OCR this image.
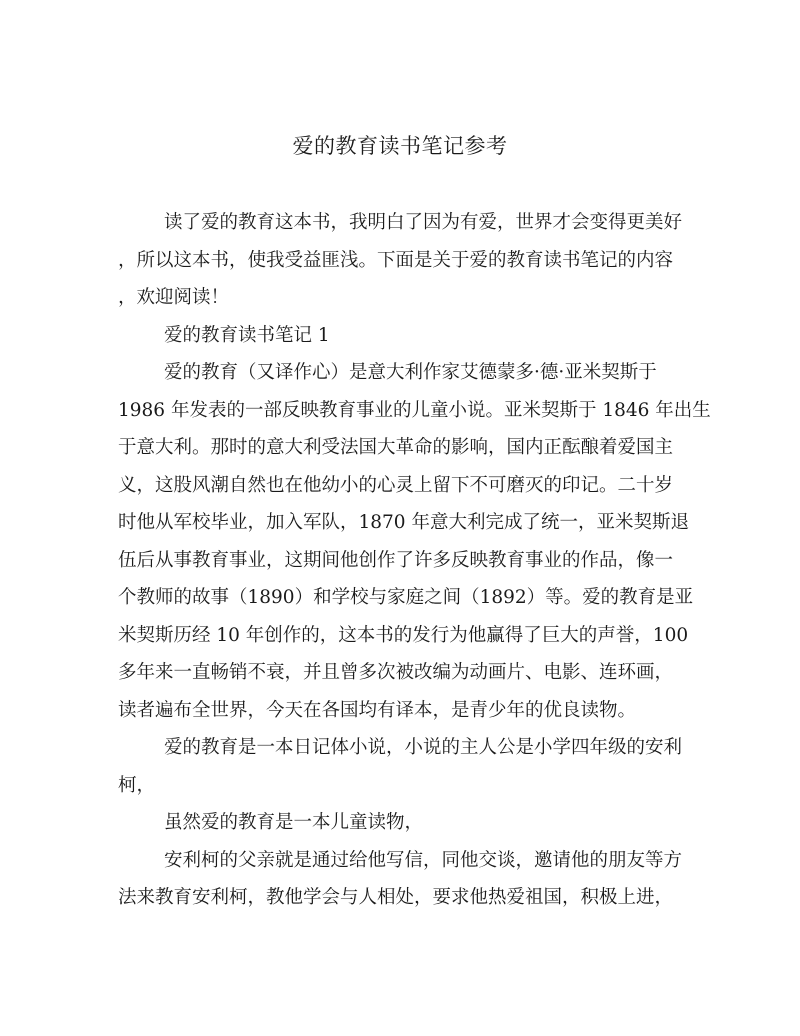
爱的教育读书笔记参考
读了爱的教育这本书，我明白了因为有爱，世界才会变得更美好
，所以这本书，使我受益匪浅。下面是关于爱的教育读书笔记的内容
，欢迎阅读！
爱的教育读书笔记 1
爱的教育（又译作心）是意大利作家艾德蒙多·德·亚米契斯于
1986 年发表的一部反映教育事业的儿童小说。亚米契斯于 1846 年出生
于意大利。那时的意大利受法国大革命的影响，国内正酝酿着爱国主
义，这股风潮自然也在他幼小的心灵上留下不可磨灭的印记。二十岁
时他从军校毕业，加入军队，1870 年意大利完成了统一，亚米契斯退
伍后从事教育事业，这期间他创作了许多反映教育事业的作品，像一
个教师的故事（1890）和学校与家庭之间（1892）等。爱的教育是亚
米契斯历经 10 年创作的，这本书的发行为他赢得了巨大的声誉，100
多年来一直畅销不衰，并且曾多次被改编为动画片、电影、连环画，
读者遍布全世界，今天在各国均有译本，是青少年的优良读物。
爱的教育是一本日记体小说，小说的主人公是小学四年级的安利
柯，
虽然爱的教育是一本儿童读物，
安利柯的父亲就是通过给他写信，同他交谈，邀请他的朋友等方
法来教育安利柯，教他学会与人相处，要求他热爱祖国，积极上进，
